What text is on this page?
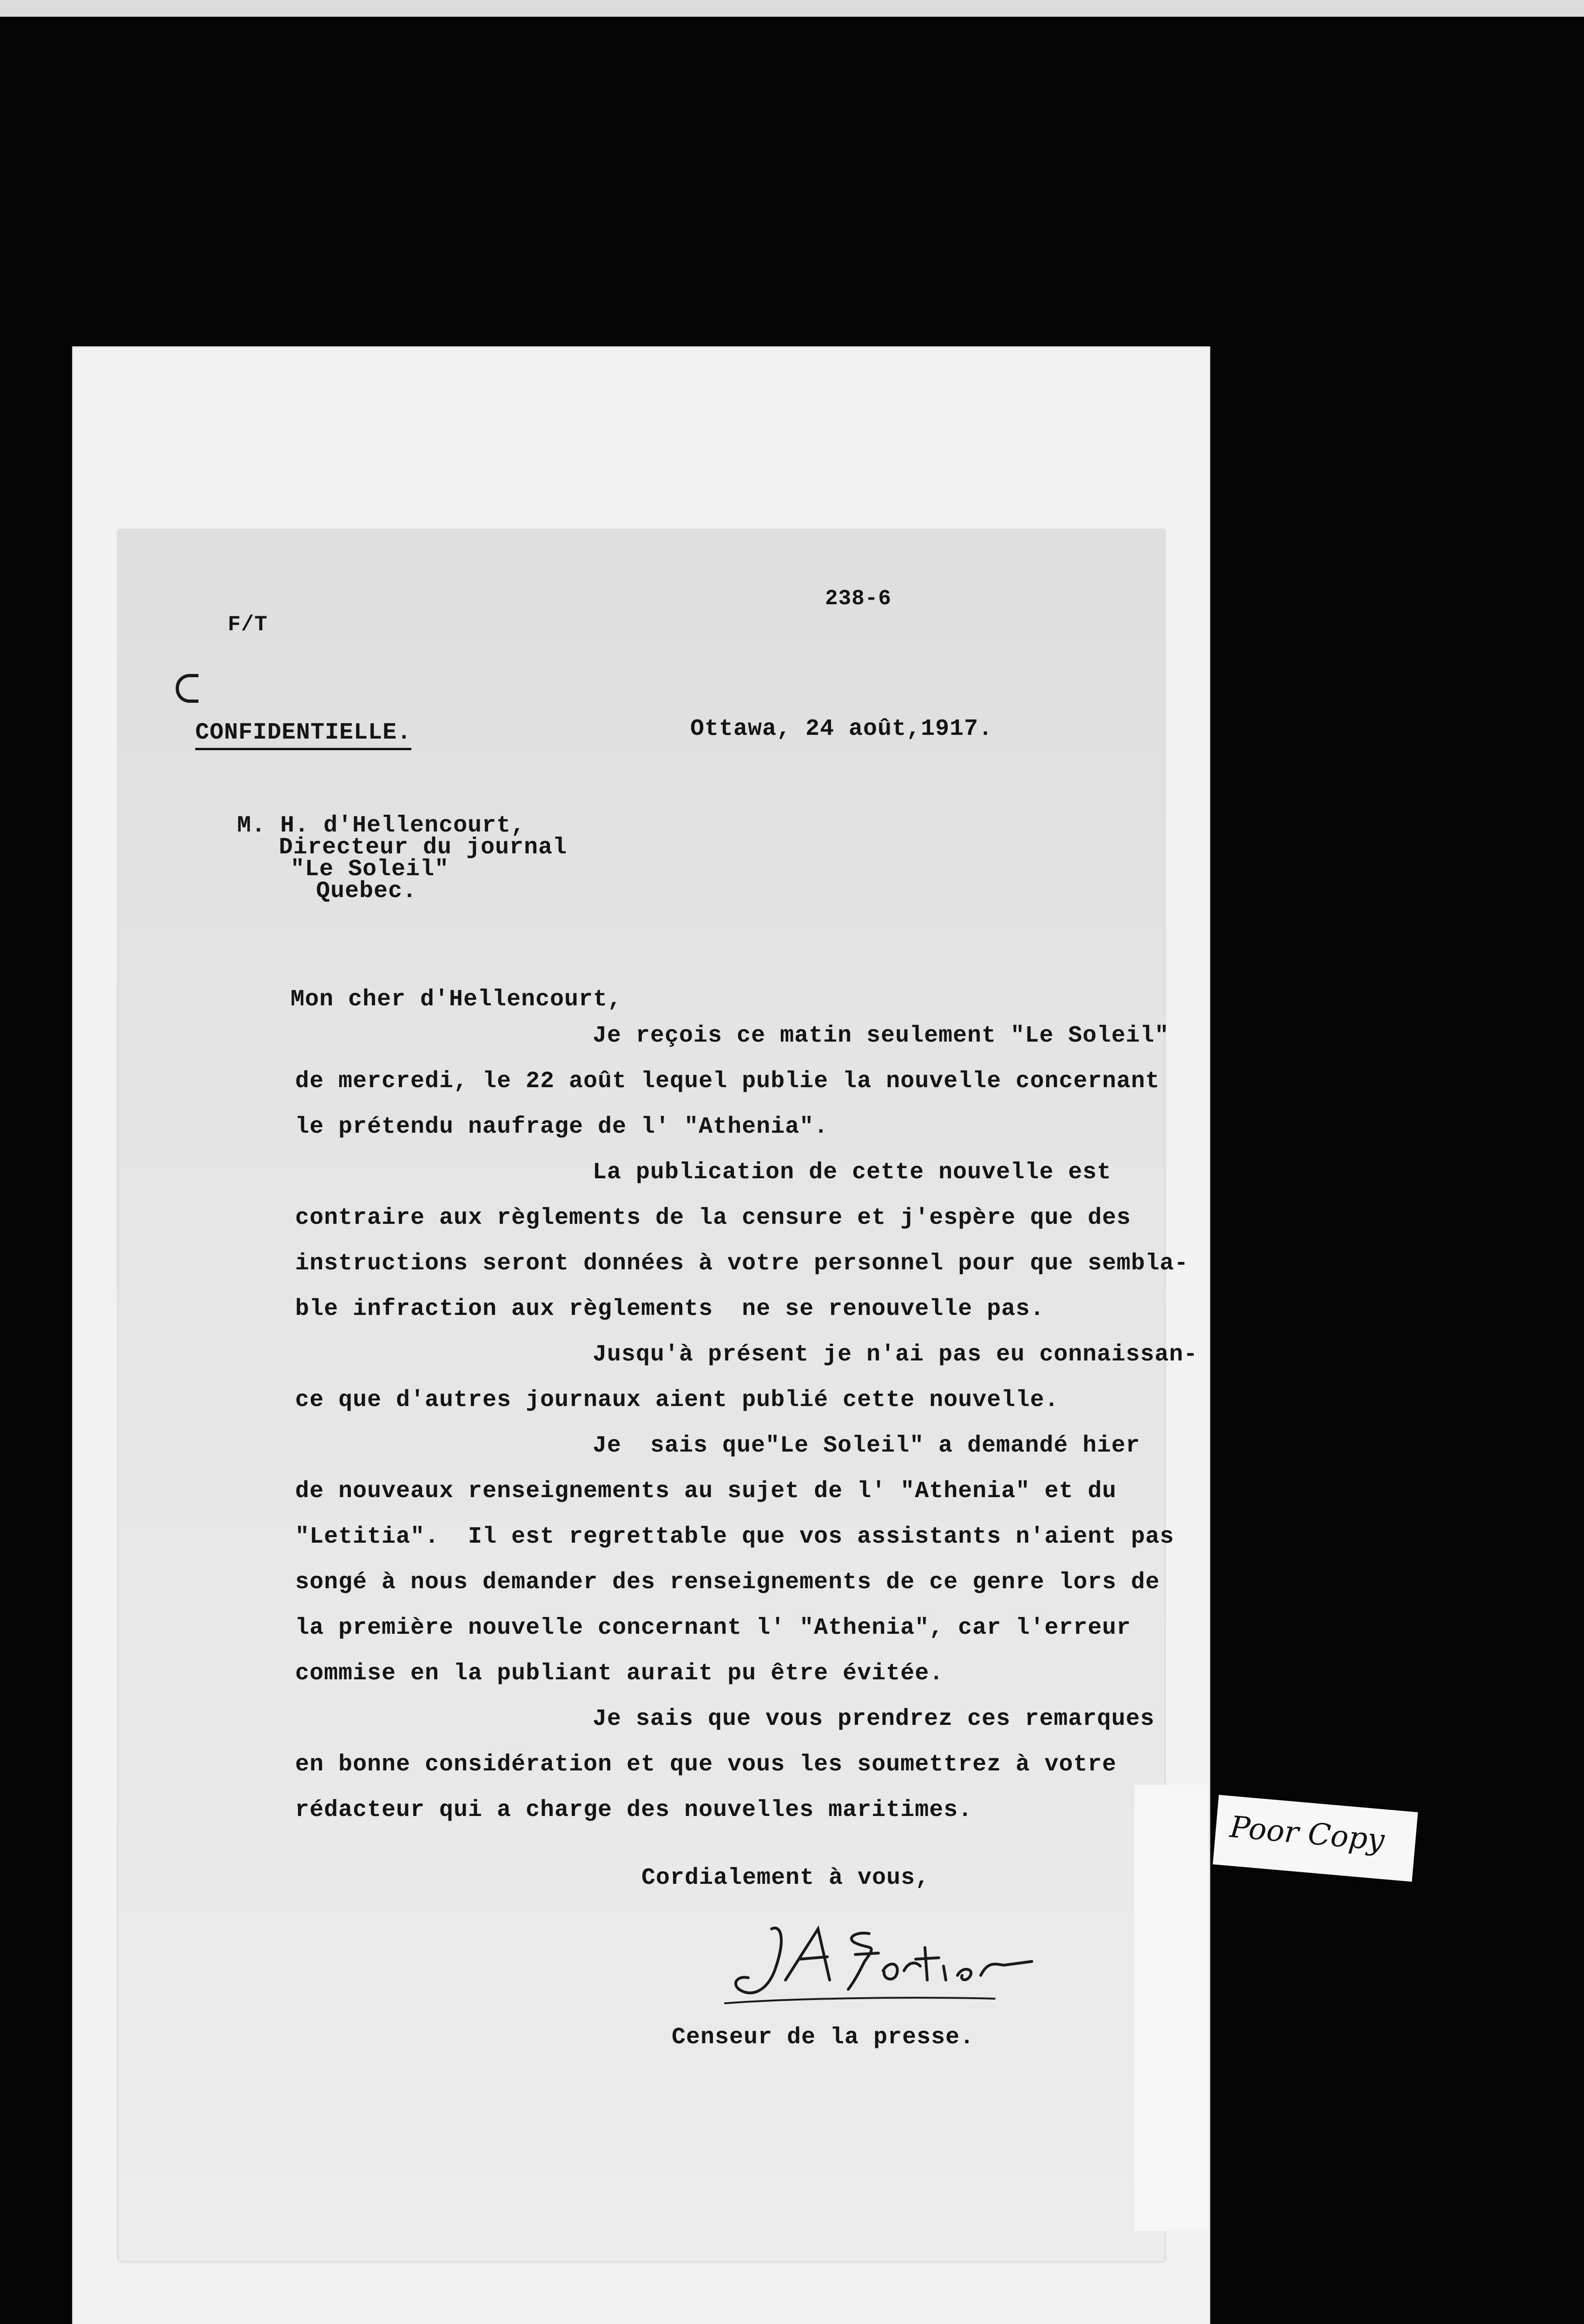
F/T
238-6
CONFIDENTIELLE.	Ottawa, 24 août,1917.
M. H. d'Hellencourt,
Directeur du journal
"Le Soleil"
Quebec.
Mon cher d'Hellencourt,
Je reçois ce matin seulement "Le Soleil"
de mercredi, le 22 août lequel publie la nouvelle concernant
le prétendu naufrage de l' "Athenia".
La publication de cette nouvelle est
contraire aux règlements de la censure et j'espère que des
instructions seront données à votre personnel pour que sembla-
ble infraction aux règlements  ne se renouvelle pas.
Jusqu'à présent je n'ai pas eu connaissan-
ce que d'autres journaux aient publié cette nouvelle.
Je  sais que"Le Soleil" a demandé hier
de nouveaux renseignements au sujet de l' "Athenia" et du
"Letitia".  Il est regrettable que vos assistants n'aient pas
songé à nous demander des renseignements de ce genre lors de
la première nouvelle concernant l' "Athenia", car l'erreur
commise en la publiant aurait pu être évitée.
Je sais que vous prendrez ces remarques
en bonne considération et que vous les soumettrez à votre
rédacteur qui a charge des nouvelles maritimes.
Cordialement à vous,
Censeur de la presse.
Poor Copy
